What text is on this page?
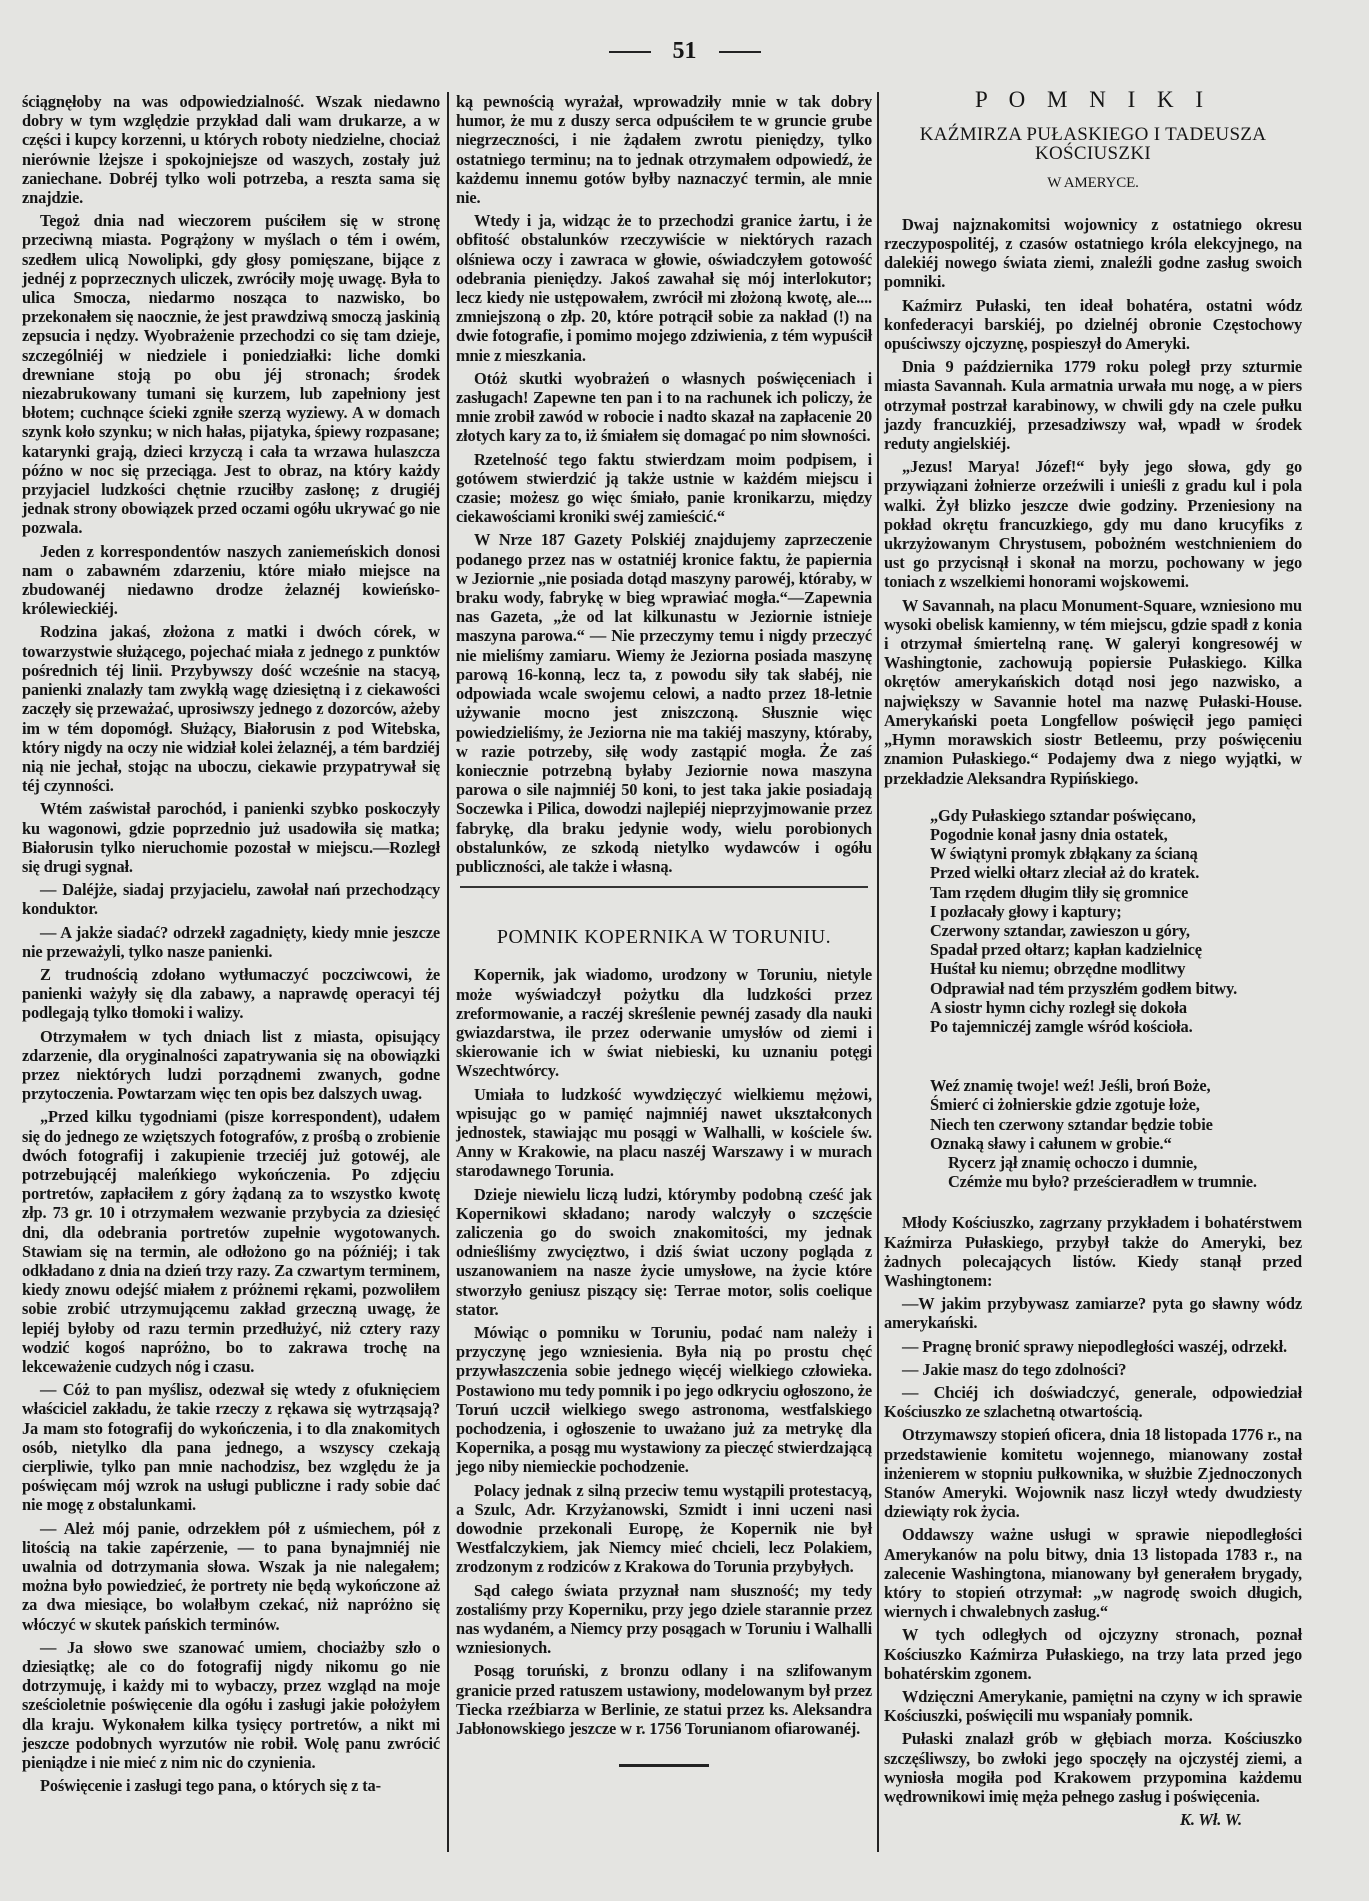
51

ściągnęłoby na was odpowiedzialność. Wszak niedawno dobry w tym względzie przykład dali wam drukarze, a w części i kupcy korzenni, u których roboty niedzielne, chociaż nierównie lżejsze i spokojniejsze od waszych, zostały już zaniechane. Dobréj tylko woli potrzeba, a reszta sama się znajdzie.

Tegoż dnia nad wieczorem puściłem się w stronę przeciwną miasta. Pogrążony w myślach o tém i owém, szedłem ulicą Nowolipki, gdy głosy pomięszane, bijące z jednéj z poprzecznych uliczek, zwróciły moję uwagę. Była to ulica Smocza, niedarmo nosząca to nazwisko, bo przekonałem się naocznie, że jest prawdziwą smoczą jaskinią zepsucia i nędzy. Wyobrażenie przechodzi co się tam dzieje, szczególniéj w niedziele i poniedziałki: liche domki drewniane stoją po obu jéj stronach; środek niezabrukowany tumani się kurzem, lub zapełniony jest błotem; cuchnące ścieki zgniłe szerzą wyziewy. A w domach szynk koło szynku; w nich hałas, pijatyka, śpiewy rozpasane; katarynki grają, dzieci krzyczą i cała ta wrzawa hulaszcza późno w noc się przeciąga. Jest to obraz, na który każdy przyjaciel ludzkości chętnie rzuciłby zasłonę; z drugiéj jednak strony obowiązek przed oczami ogółu ukrywać go nie pozwala.

Jeden z korrespondentów naszych zaniemeńskich donosi nam o zabawném zdarzeniu, które miało miejsce na zbudowanéj niedawno drodze żelaznéj kowieńsko-królewieckiéj.

Rodzina jakaś, złożona z matki i dwóch córek, w towarzystwie służącego, pojechać miała z jednego z punktów pośrednich téj linii. Przybywszy dość wcześnie na stacyą, panienki znalazły tam zwykłą wagę dziesiętną i z ciekawości zaczęły się przeważać, uprosiwszy jednego z dozorców, ażeby im w tém dopomógł. Służący, Białorusin z pod Witebska, który nigdy na oczy nie widział kolei żelaznéj, a tém bardziéj nią nie jechał, stojąc na uboczu, ciekawie przypatrywał się téj czynności.

Wtém zaświstał parochód, i panienki szybko poskoczyły ku wagonowi, gdzie poprzednio już usadowiła się matka; Białorusin tylko nieruchomie pozostał w miejscu.—Rozległ się drugi sygnał.

— Daléjże, siadaj przyjacielu, zawołał nań przechodzący konduktor.

— A jakże siadać? odrzekł zagadnięty, kiedy mnie jeszcze nie przeważyli, tylko nasze panienki.

Z trudnością zdołano wytłumaczyć poczciwcowi, że panienki ważyły się dla zabawy, a naprawdę operacyi téj podlegają tylko tłomoki i walizy.

Otrzymałem w tych dniach list z miasta, opisujący zdarzenie, dla oryginalności zapatrywania się na obowiązki przez niektórych ludzi porządnemi zwanych, godne przytoczenia. Powtarzam więc ten opis bez dalszych uwag.

„Przed kilku tygodniami (pisze korrespondent), udałem się do jednego ze wziętszych fotografów, z prośbą o zrobienie dwóch fotografij i zakupienie trzeciéj już gotowéj, ale potrzebującéj maleńkiego wykończenia. Po zdjęciu portretów, zapłaciłem z góry żądaną za to wszystko kwotę złp. 73 gr. 10 i otrzymałem wezwanie przybycia za dziesięć dni, dla odebrania portretów zupełnie wygotowanych. Stawiam się na termin, ale odłożono go na późniéj; i tak odkładano z dnia na dzień trzy razy. Za czwartym terminem, kiedy znowu odejść miałem z próżnemi rękami, pozwoliłem sobie zrobić utrzymującemu zakład grzeczną uwagę, że lepiéj byłoby od razu termin przedłużyć, niż cztery razy wodzić kogoś napróżno, bo to zakrawa trochę na lekceważenie cudzych nóg i czasu.

— Cóż to pan myślisz, odezwał się wtedy z ofuknięciem właściciel zakładu, że takie rzeczy z rękawa się wytrząsają? Ja mam sto fotografij do wykończenia, i to dla znakomitych osób, nietylko dla pana jednego, a wszyscy czekają cierpliwie, tylko pan mnie nachodzisz, bez względu że ja poświęcam mój wzrok na usługi publiczne i rady sobie dać nie mogę z obstalunkami.

— Ależ mój panie, odrzekłem pół z uśmiechem, pół z litością na takie zapérzenie, — to pana bynajmniéj nie uwalnia od dotrzymania słowa. Wszak ja nie nalegałem; można było powiedzieć, że portrety nie będą wykończone aż za dwa miesiące, bo wolałbym czekać, niż napróżno się włóczyć w skutek pańskich terminów.

— Ja słowo swe szanować umiem, chociażby szło o dziesiątkę; ale co do fotografij nigdy nikomu go nie dotrzymuję, i każdy mi to wybaczy, przez wzgląd na moje sześcioletnie poświęcenie dla ogółu i zasługi jakie położyłem dla kraju. Wykonałem kilka tysięcy portretów, a nikt mi jeszcze podobnych wyrzutów nie robił. Wolę panu zwrócić pieniądze i nie mieć z nim nic do czynienia.

Poświęcenie i zasługi tego pana, o których się z ta-

ką pewnością wyrażał, wprowadziły mnie w tak dobry humor, że mu z duszy serca odpuściłem te w gruncie grube niegrzeczności, i nie żądałem zwrotu pieniędzy, tylko ostatniego terminu; na to jednak otrzymałem odpowiedź, że każdemu innemu gotów byłby naznaczyć termin, ale mnie nie.

Wtedy i ja, widząc że to przechodzi granice żartu, i że obfitość obstalunków rzeczywiście w niektórych razach olśniewa oczy i zawraca w głowie, oświadczyłem gotowość odebrania pieniędzy. Jakoś zawahał się mój interlokutor; lecz kiedy nie ustępowałem, zwrócił mi złożoną kwotę, ale.... zmniejszoną o złp. 20, które potrącił sobie za nakład (!) na dwie fotografie, i pomimo mojego zdziwienia, z tém wypuścił mnie z mieszkania.

Otóż skutki wyobrażeń o własnych poświęceniach i zasługach! Zapewne ten pan i to na rachunek ich policzy, że mnie zrobił zawód w robocie i nadto skazał na zapłacenie 20 złotych kary za to, iż śmiałem się domagać po nim słowności.

Rzetelność tego faktu stwierdzam moim podpisem, i gotówem stwierdzić ją także ustnie w każdém miejscu i czasie; możesz go więc śmiało, panie kronikarzu, między ciekawościami kroniki swéj zamieścić.“

W Nrze 187 Gazety Polskiéj znajdujemy zaprzeczenie podanego przez nas w ostatniéj kronice faktu, że papiernia w Jeziornie „nie posiada dotąd maszyny parowéj, któraby, w braku wody, fabrykę w bieg wprawiać mogła.“—Zapewnia nas Gazeta, „że od lat kilkunastu w Jeziornie istnieje maszyna parowa.“ — Nie przeczymy temu i nigdy przeczyć nie mieliśmy zamiaru. Wiemy że Jeziorna posiada maszynę parową 16-konną, lecz ta, z powodu siły tak słabéj, nie odpowiada wcale swojemu celowi, a nadto przez 18-letnie używanie mocno jest zniszczoną. Słusznie więc powiedzieliśmy, że Jeziorna nie ma takiéj maszyny, któraby, w razie potrzeby, siłę wody zastąpić mogła. Że zaś koniecznie potrzebną byłaby Jeziornie nowa maszyna parowa o sile najmniéj 50 koni, to jest taka jakie posiadają Soczewka i Pilica, dowodzi najlepiéj nieprzyjmowanie przez fabrykę, dla braku jedynie wody, wielu porobionych obstalunków, ze szkodą nietylko wydawców i ogółu publiczności, ale także i własną.

POMNIK KOPERNIKA W TORUNIU.

Kopernik, jak wiadomo, urodzony w Toruniu, nietyle może wyświadczył pożytku dla ludzkości przez zreformowanie, a raczéj skreślenie pewnéj zasady dla nauki gwiazdarstwa, ile przez oderwanie umysłów od ziemi i skierowanie ich w świat niebieski, ku uznaniu potęgi Wszechtwórcy.

Umiała to ludzkość wywdzięczyć wielkiemu mężowi, wpisując go w pamięć najmniéj nawet ukształconych jednostek, stawiając mu posągi w Walhalli, w kościele św. Anny w Krakowie, na placu naszéj Warszawy i w murach starodawnego Torunia.

Dzieje niewielu liczą ludzi, którymby podobną cześć jak Kopernikowi składano; narody walczyły o szczęście zaliczenia go do swoich znakomitości, my jednak odnieśliśmy zwycięztwo, i dziś świat uczony pogląda z uszanowaniem na nasze życie umysłowe, na życie które stworzyło geniusz piszący się: Terrae motor, solis coelique stator.

Mówiąc o pomniku w Toruniu, podać nam należy i przyczynę jego wzniesienia. Była nią po prostu chęć przywłaszczenia sobie jednego więcéj wielkiego człowieka. Postawiono mu tedy pomnik i po jego odkryciu ogłoszono, że Toruń uczcił wielkiego swego astronoma, westfalskiego pochodzenia, i ogłoszenie to uważano już za metrykę dla Kopernika, a posąg mu wystawiony za pieczęć stwierdzającą jego niby niemieckie pochodzenie.

Polacy jednak z silną przeciw temu wystąpili protestacyą, a Szulc, Adr. Krzyżanowski, Szmidt i inni uczeni nasi dowodnie przekonali Europę, że Kopernik nie był Westfalczykiem, jak Niemcy mieć chcieli, lecz Polakiem, zrodzonym z rodziców z Krakowa do Torunia przybyłych.

Sąd całego świata przyznał nam słuszność; my tedy zostaliśmy przy Koperniku, przy jego dziele starannie przez nas wydaném, a Niemcy przy posągach w Toruniu i Walhalli wzniesionych.

Posąg toruński, z bronzu odlany i na szlifowanym granicie przed ratuszem ustawiony, modelowanym był przez Tiecka rzeźbiarza w Berlinie, ze statui przez ks. Aleksandra Jabłonowskiego jeszcze w r. 1756 Torunianom ofiarowanéj.

P O M N I K I
KAŹMIRZA PUŁASKIEGO I TADEUSZA KOŚCIUSZKI
W AMERYCE.

Dwaj najznakomitsi wojownicy z ostatniego okresu rzeczypospolitéj, z czasów ostatniego króla elekcyjnego, na dalekiéj nowego świata ziemi, znaleźli godne zasług swoich pomniki.

Kaźmirz Pułaski, ten ideał bohatéra, ostatni wódz konfederacyi barskiéj, po dzielnéj obronie Częstochowy opuściwszy ojczyznę, pospieszył do Ameryki.

Dnia 9 października 1779 roku poległ przy szturmie miasta Savannah. Kula armatnia urwała mu nogę, a w piers otrzymał postrzał karabinowy, w chwili gdy na czele pułku jazdy francuzkiéj, przesadziwszy wał, wpadł w środek reduty angielskiéj.

„Jezus! Marya! Józef!“ były jego słowa, gdy go przywiązani żołnierze orzeźwili i unieśli z gradu kul i pola walki. Żył blizko jeszcze dwie godziny. Przeniesiony na pokład okrętu francuzkiego, gdy mu dano krucyfiks z ukrzyżowanym Chrystusem, pobożném westchnieniem do ust go przycisnął i skonał na morzu, pochowany w jego toniach z wszelkiemi honorami wojskowemi.

W Savannah, na placu Monument-Square, wzniesiono mu wysoki obelisk kamienny, w tém miejscu, gdzie spadł z konia i otrzymał śmiertelną ranę. W galeryi kongresowéj w Washingtonie, zachowują popiersie Pułaskiego. Kilka okrętów amerykańskich dotąd nosi jego nazwisko, a największy w Savannie hotel ma nazwę Pułaski-House. Amerykański poeta Longfellow poświęcił jego pamięci „Hymn morawskich siostr Betleemu, przy poświęceniu znamion Pułaskiego.“ Podajemy dwa z niego wyjątki, w przekładzie Aleksandra Rypińskiego.

„Gdy Pułaskiego sztandar poświęcano,
Pogodnie konał jasny dnia ostatek,
W świątyni promyk zbłąkany za ścianą
Przed wielki ołtarz zleciał aż do kratek.
Tam rzędem długim tliły się gromnice
I pozłacały głowy i kaptury;
Czerwony sztandar, zawieszon u góry,
Spadał przed ołtarz; kapłan kadzielnicę
Huśtał ku niemu; obrzędne modlitwy
Odprawiał nad tém przyszłém godłem bitwy.
A siostr hymn cichy rozległ się dokoła
Po tajemniczéj zamgle wśród kościoła.
Weź znamię twoje! weź! Jeśli, broń Boże,
Śmierć ci żołnierskie gdzie zgotuje łoże,
Niech ten czerwony sztandar będzie tobie
Oznaką sławy i całunem w grobie.“
Rycerz jął znamię ochoczo i dumnie,
Czémże mu było? prześcieradłem w trumnie.

Młody Kościuszko, zagrzany przykładem i bohatérstwem Kaźmirza Pułaskiego, przybył także do Ameryki, bez żadnych polecających listów. Kiedy stanął przed Washingtonem:

—W jakim przybywasz zamiarze? pyta go sławny wódz amerykański.

— Pragnę bronić sprawy niepodległości waszéj, odrzekł.

— Jakie masz do tego zdolności?

— Chciéj ich doświadczyć, generale, odpowiedział Kościuszko ze szlachetną otwartością.

Otrzymawszy stopień oficera, dnia 18 listopada 1776 r., na przedstawienie komitetu wojennego, mianowany został inżenierem w stopniu pułkownika, w służbie Zjednoczonych Stanów Ameryki. Wojownik nasz liczył wtedy dwudziesty dziewiąty rok życia.

Oddawszy ważne usługi w sprawie niepodległości Amerykanów na polu bitwy, dnia 13 listopada 1783 r., na zalecenie Washingtona, mianowany był generałem brygady, który to stopień otrzymał: „w nagrodę swoich długich, wiernych i chwalebnych zasług.“

W tych odległych od ojczyzny stronach, poznał Kościuszko Kaźmirza Pułaskiego, na trzy lata przed jego bohatérskim zgonem.

Wdzięczni Amerykanie, pamiętni na czyny w ich sprawie Kościuszki, poświęcili mu wspaniały pomnik.

Pułaski znalazł grób w głębiach morza. Kościuszko szczęśliwszy, bo zwłoki jego spoczęły na ojczystéj ziemi, a wyniosła mogiła pod Krakowem przypomina każdemu wędrownikowi imię męża pełnego zasług i poświęcenia.

K. Wł. W.
